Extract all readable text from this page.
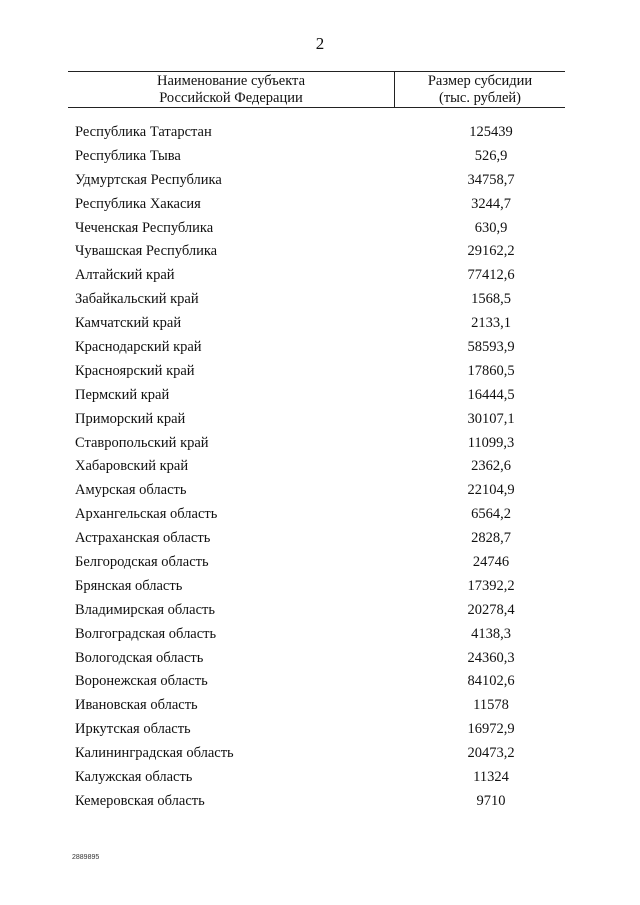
2
Наименование субъекта
Российской Федерации
Размер субсидии
(тыс. рублей)
Республика Татарстан	125439
Республика Тыва	526,9
Удмуртская Республика	34758,7
Республика Хакасия	3244,7
Чеченская Республика	630,9
Чувашская Республика	29162,2
Алтайский край	77412,6
Забайкальский край	1568,5
Камчатский край	2133,1
Краснодарский край	58593,9
Красноярский край	17860,5
Пермский край	16444,5
Приморский край	30107,1
Ставропольский край	11099,3
Хабаровский край	2362,6
Амурская область	22104,9
Архангельская область	6564,2
Астраханская область	2828,7
Белгородская область	24746
Брянская область	17392,2
Владимирская область	20278,4
Волгоградская область	4138,3
Вологодская область	24360,3
Воронежская область	84102,6
Ивановская область	11578
Иркутская область	16972,9
Калининградская область	20473,2
Калужская область	11324
Кемеровская область	9710
2889895
